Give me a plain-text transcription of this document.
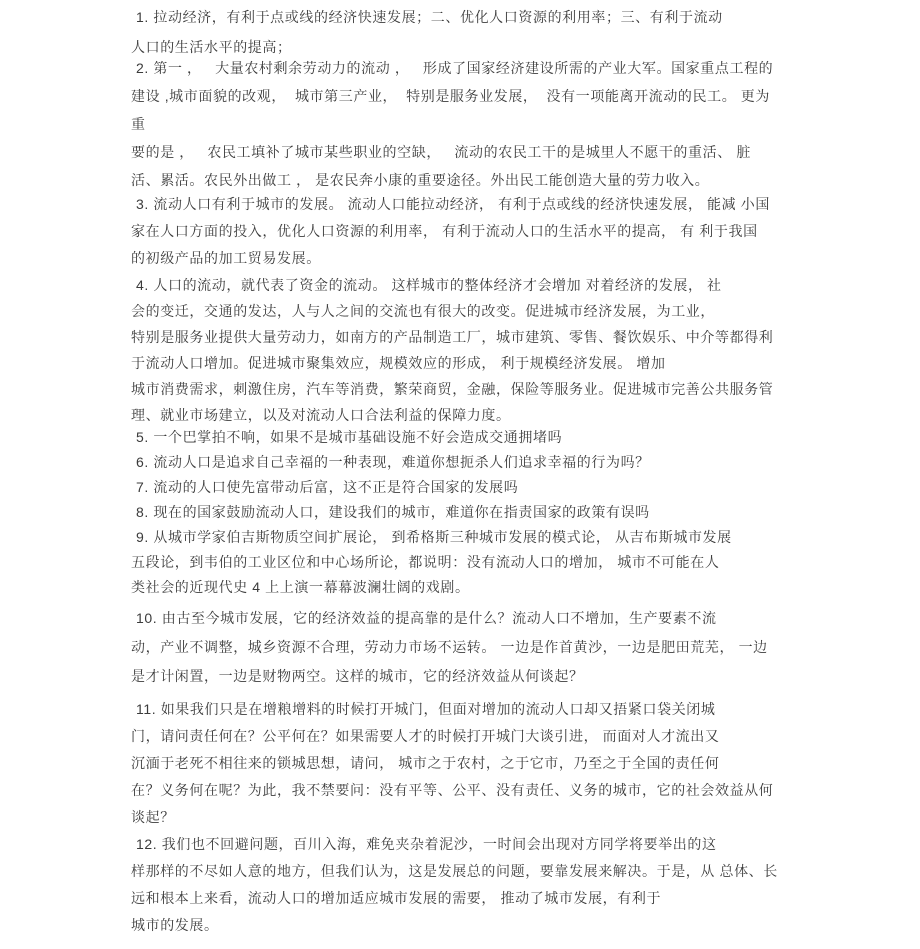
1. 拉动经济，有利于点或线的经济快速发展；二、优化人口资源的利用率；三、有利于流动
人口的生活水平的提高；
2. 第一 ，   大量农村剩余劳动力的流动 ，   形成了国家经济建设所需的产业大军。国家重点工程的
建设 ,城市面貌的改观，  城市第三产业，  特别是服务业发展，  没有一项能离开流动的民工。 更为
重
要的是 ，   农民工填补了城市某些职业的空缺，   流动的农民工干的是城里人不愿干的重活、 脏
活、累活。农民外出做工 ， 是农民奔小康的重要途径。外出民工能创造大量的劳力收入。
3. 流动人口有利于城市的发展。 流动人口能拉动经济， 有利于点或线的经济快速发展， 能减 小国
家在人口方面的投入，优化人口资源的利用率， 有利于流动人口的生活水平的提高， 有 利于我国
的初级产品的加工贸易发展。
4. 人口的流动，就代表了资金的流动。 这样城市的整体经济才会增加 对着经济的发展， 社
会的变迁，交通的发达，人与人之间的交流也有很大的改变。促进城市经济发展，为工业，
特别是服务业提供大量劳动力，如南方的产品制造工厂，城市建筑、零售、餐饮娱乐、中介等都得利
于流动人口增加。促进城市聚集效应，规模效应的形成， 利于规模经济发展。 增加
城市消费需求，刺激住房，汽车等消费，繁荣商贸，金融，保险等服务业。促进城市完善公共服务管
理、就业市场建立，以及对流动人口合法利益的保障力度。
5. 一个巴掌拍不响，如果不是城市基础设施不好会造成交通拥堵吗
6. 流动人口是追求自己幸福的一种表现，难道你想扼杀人们追求幸福的行为吗？
7. 流动的人口使先富带动后富，这不正是符合国家的发展吗
8. 现在的国家鼓励流动人口，建设我们的城市，难道你在指责国家的政策有误吗
9. 从城市学家伯吉斯物质空间扩展论， 到希格斯三种城市发展的模式论， 从吉布斯城市发展
五段论，到韦伯的工业区位和中心场所论，都说明：没有流动人口的增加， 城市不可能在人
类社会的近现代史 4 上上演一幕幕波澜壮阔的戏剧。
10. 由古至今城市发展，它的经济效益的提高靠的是什么？流动人口不增加，生产要素不流
动，产业不调整，城乡资源不合理，劳动力市场不运转。 一边是作首黄沙，一边是肥田荒芜， 一边
是才计闲置，一边是财物两空。这样的城市，它的经济效益从何谈起？
11. 如果我们只是在增粮增料的时候打开城门，但面对增加的流动人口却又捂紧口袋关闭城
门，请问责任何在？公平何在？如果需要人才的时候打开城门大谈引进， 而面对人才流出又
沉湎于老死不相往来的锁城思想，请问， 城市之于农村，之于它市，乃至之于全国的责任何
在？义务何在呢？为此，我不禁要问：没有平等、公平、没有责任、义务的城市，它的社会效益从何
谈起？
12. 我们也不回避问题，百川入海，难免夹杂着泥沙，一时间会出现对方同学将要举出的这
样那样的不尽如人意的地方，但我们认为，这是发展总的问题，要靠发展来解决。于是，从 总体、长
远和根本上来看，流动人口的增加适应城市发展的需要， 推动了城市发展，有利于
城市的发展。
